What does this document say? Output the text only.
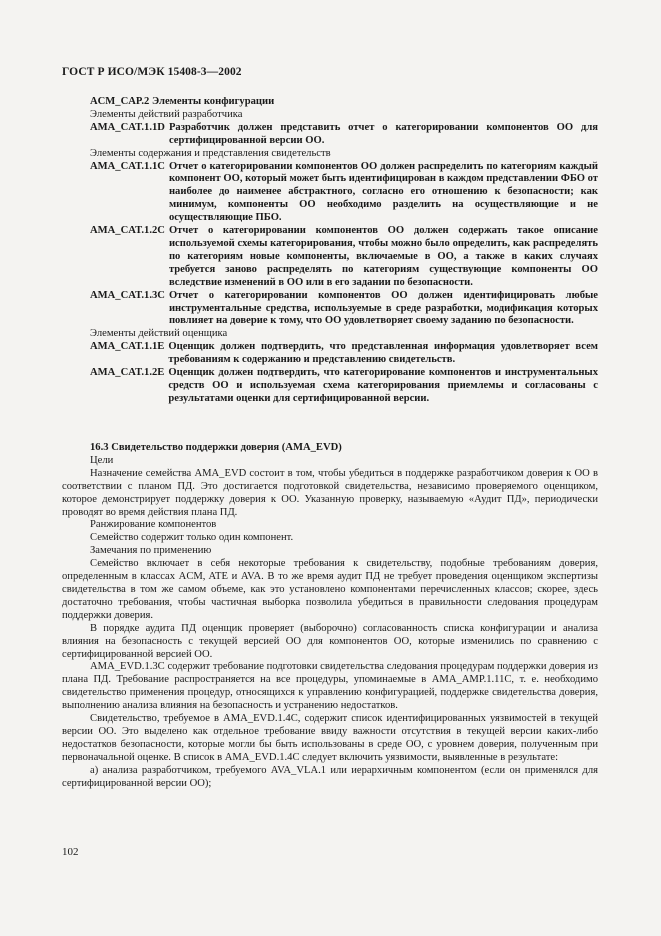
ГОСТ Р ИСО/МЭК 15408-3—2002
ACM_CAP.2 Элементы конфигурации
Элементы действий разработчика
AMA_CAT.1.1D Разработчик должен представить отчет о категорировании компонентов ОО для сертифицированной версии ОО.
Элементы содержания и представления свидетельств
AMA_CAT.1.1C Отчет о категорировании компонентов ОО должен распределить по категориям каждый компонент ОО, который может быть идентифицирован в каждом представлении ФБО от наиболее до наименее абстрактного, согласно его отношению к безопасности; как минимум, компоненты ОО необходимо разделить на осуществляющие и не осуществляющие ПБО.
AMA_CAT.1.2C Отчет о категорировании компонентов ОО должен содержать такое описание используемой схемы категорирования, чтобы можно было определить, как распределять по категориям новые компоненты, включаемые в ОО, а также в каких случаях требуется заново распределять по категориям существующие компоненты ОО вследствие изменений в ОО или в его задании по безопасности.
AMA_CAT.1.3C Отчет о категорировании компонентов ОО должен идентифицировать любые инструментальные средства, используемые в среде разработки, модификация которых повлияет на доверие к тому, что ОО удовлетворяет своему заданию по безопасности.
Элементы действий оценщика
AMA_CAT.1.1E Оценщик должен подтвердить, что представленная информация удовлетворяет всем требованиям к содержанию и представлению свидетельств.
AMA_CAT.1.2E Оценщик должен подтвердить, что категорирование компонентов и инструментальных средств ОО и используемая схема категорирования приемлемы и согласованы с результатами оценки для сертифицированной версии.
16.3 Свидетельство поддержки доверия (AMA_EVD)
Цели

Назначение семейства AMA_EVD состоит в том, чтобы убедиться в поддержке разработчиком доверия к ОО в соответствии с планом ПД. Это достигается подготовкой свидетельства, независимо проверяемого оценщиком, которое демонстрирует поддержку доверия к ОО. Указанную проверку, называемую «Аудит ПД», периодически проводят во время действия плана ПД.

Ранжирование компонентов
Семейство содержит только один компонент.
Замечания по применению

Семейство включает в себя некоторые требования к свидетельству, подобные требованиям доверия, определенным в классах ACM, ATE и AVA. В то же время аудит ПД не требует проведения оценщиком экспертизы свидетельства в том же самом объеме, как это установлено компонентами перечисленных классов; скорее, здесь достаточно требования, чтобы частичная выборка позволила убедиться в правильности следования процедурам поддержки доверия.

В порядке аудита ПД оценщик проверяет (выборочно) согласованность списка конфигурации и анализа влияния на безопасность с текущей версией ОО для компонентов ОО, которые изменились по сравнению с сертифицированной версией ОО.

AMA_EVD.1.3C содержит требование подготовки свидетельства следования процедурам поддержки доверия из плана ПД. Требование распространяется на все процедуры, упоминаемые в AMA_AMP.1.11C, т. е. необходимо свидетельство применения процедур, относящихся к управлению конфигурацией, поддержке свидетельства доверия, выполнению анализа влияния на безопасность и устранению недостатков.

Свидетельство, требуемое в AMA_EVD.1.4C, содержит список идентифицированных уязвимостей в текущей версии ОО. Это выделено как отдельное требование ввиду важности отсутствия в текущей версии каких-либо недостатков безопасности, которые могли бы быть использованы в среде ОО, с уровнем доверия, полученным при первоначальной оценке. В список в AMA_EVD.1.4C следует включить уязвимости, выявленные в результате:

а) анализа разработчиком, требуемого AVA_VLA.1 или иерархичным компонентом (если он применялся для сертифицированной версии ОО);

102
